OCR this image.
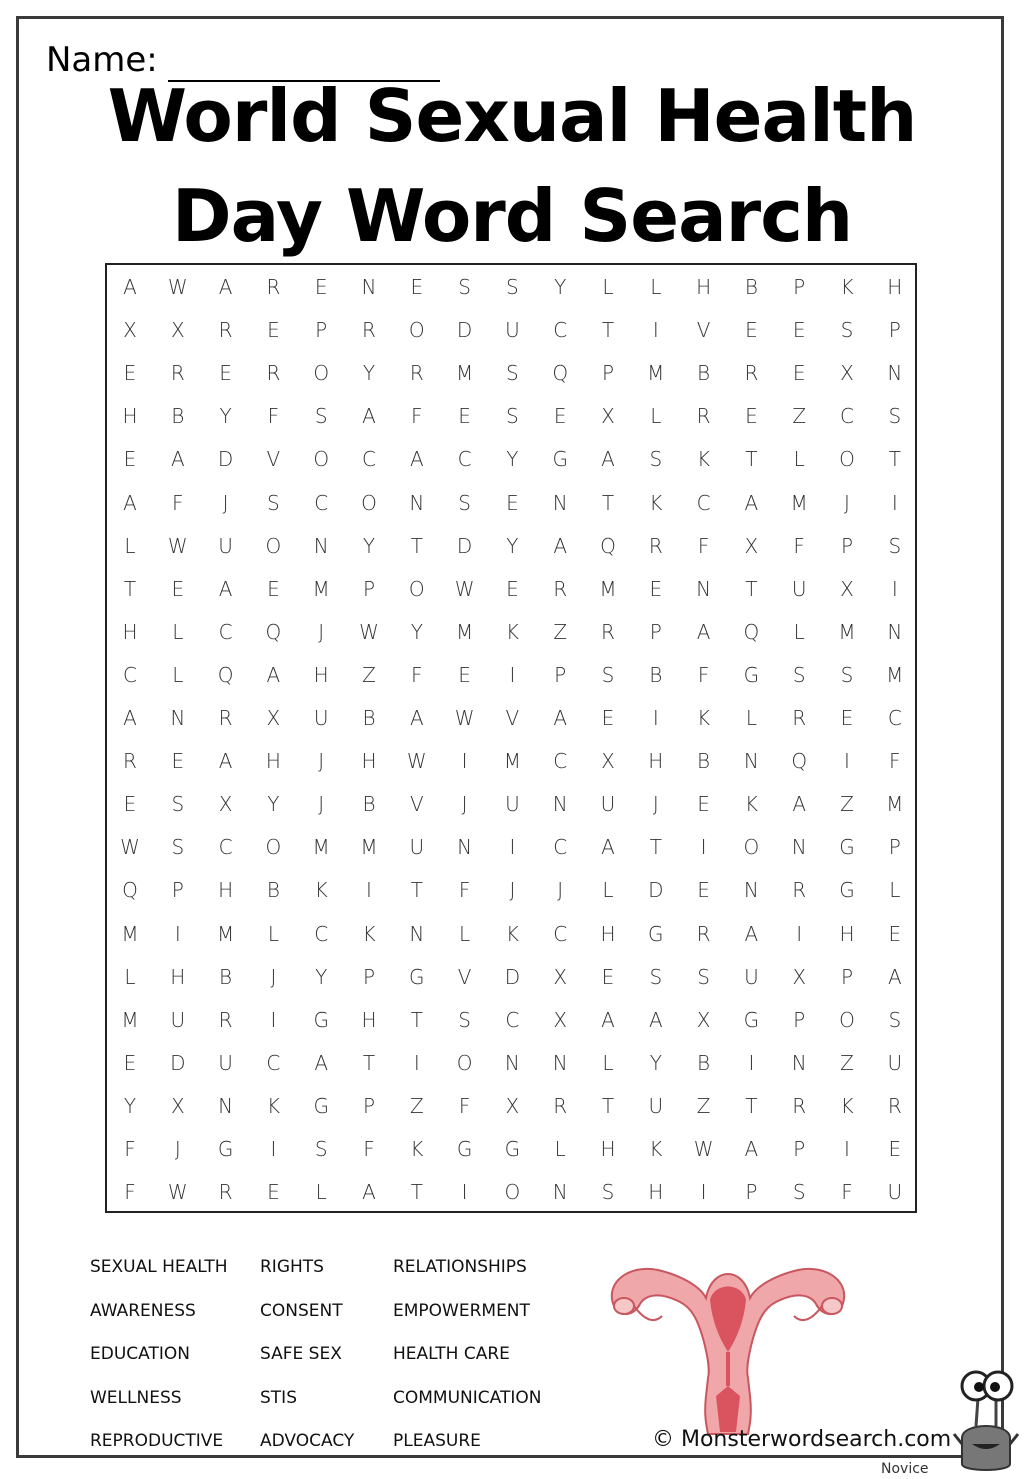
Name:
World Sexual Health
Day Word Search
A	W	A	R	E	N	E	S	S	Y	L	L	H	B	P	K	H
X	X	R	E	P	R	O	D	U	C	T	I	V	E	E	S	P
E	R	E	R	O	Y	R	M	S	Q	P	M	B	R	E	X	N
H	B	Y	F	S	A	F	E	S	E	X	L	R	E	Z	C	S
E	A	D	V	O	C	A	C	Y	G	A	S	K	T	L	O	T
A	F	J	S	C	O	N	S	E	N	T	K	C	A	M	J	I
L	W	U	O	N	Y	T	D	Y	A	Q	R	F	X	F	P	S
T	E	A	E	M	P	O	W	E	R	M	E	N	T	U	X	I
H	L	C	Q	J	W	Y	M	K	Z	R	P	A	Q	L	M	N
C	L	Q	A	H	Z	F	E	I	P	S	B	F	G	S	S	M
A	N	R	X	U	B	A	W	V	A	E	I	K	L	R	E	C
R	E	A	H	J	H	W	I	M	C	X	H	B	N	Q	I	F
E	S	X	Y	J	B	V	J	U	N	U	J	E	K	A	Z	M
W	S	C	O	M	M	U	N	I	C	A	T	I	O	N	G	P
Q	P	H	B	K	I	T	F	J	J	L	D	E	N	R	G	L
M	I	M	L	C	K	N	L	K	C	H	G	R	A	I	H	E
L	H	B	J	Y	P	G	V	D	X	E	S	S	U	X	P	A
M	U	R	I	G	H	T	S	C	X	A	A	X	G	P	O	S
E	D	U	C	A	T	I	O	N	N	L	Y	B	I	N	Z	U
Y	X	N	K	G	P	Z	F	X	R	T	U	Z	T	R	K	R
F	J	G	I	S	F	K	G	G	L	H	K	W	A	P	I	E
F	W	R	E	L	A	T	I	O	N	S	H	I	P	S	F	U
SEXUAL HEALTH
AWARENESS
EDUCATION
WELLNESS
REPRODUCTIVE
RIGHTS
CONSENT
SAFE SEX
STIS
ADVOCACY
RELATIONSHIPS
EMPOWERMENT
HEALTH CARE
COMMUNICATION
PLEASURE	© Monsterwordsearch.com
Novice
